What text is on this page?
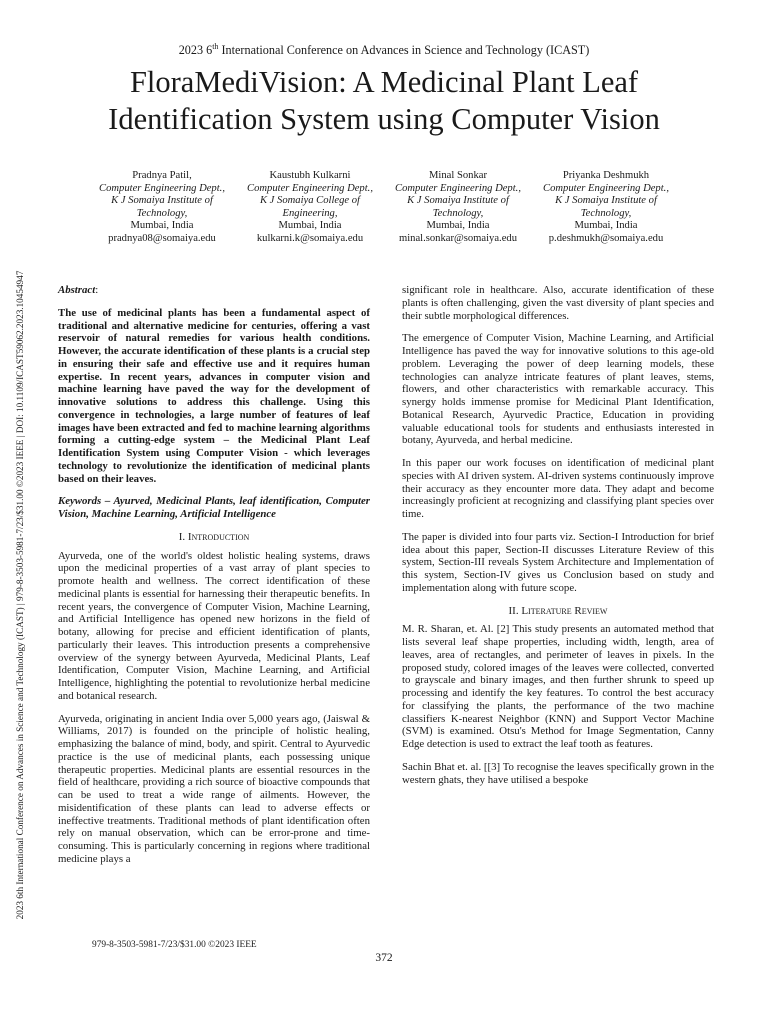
2023 6th International Conference on Advances in Science and Technology (ICAST)
FloraMediVision: A Medicinal Plant Leaf Identification System using Computer Vision
2023 6th International Conference on Advances in Science and Technology (ICAST) | 979-8-3503-5981-7/23/$31.00 ©2023 IEEE | DOI: 10.1109/ICAST59062.2023.10454947
Pradnya Patil,
Computer Engineering Dept.,
K J Somaiya Institute of Technology,
Mumbai, India
pradnya08@somaiya.edu
Kaustubh Kulkarni
Computer Engineering Dept.,
K J Somaiya College of Engineering,
Mumbai, India
kulkarni.k@somaiya.edu
Minal Sonkar
Computer Engineering Dept.,
K J Somaiya Institute of Technology,
Mumbai, India
minal.sonkar@somaiya.edu
Priyanka Deshmukh
Computer Engineering Dept.,
K J Somaiya Institute of Technology,
Mumbai, India
p.deshmukh@somaiya.edu

Abstract:

The use of medicinal plants has been a fundamental aspect of traditional and alternative medicine for centuries, offering a vast reservoir of natural remedies for various health conditions. However, the accurate identification of these plants is a crucial step in ensuring their safe and effective use and it requires human expertise. In recent years, advances in computer vision and machine learning have paved the way for the development of innovative solutions to address this challenge. Using this convergence in technologies, a large number of features of leaf images have been extracted and fed to machine learning algorithms forming a cutting-edge system – the Medicinal Plant Leaf Identification System using Computer Vision - which leverages technology to revolutionize the identification of medicinal plants based on their leaves.

Keywords – Ayurved, Medicinal Plants, leaf identification, Computer Vision, Machine Learning, Artificial Intelligence

I. Introduction

Ayurveda, one of the world's oldest holistic healing systems, draws upon the medicinal properties of a vast array of plant species to promote health and wellness. The correct identification of these medicinal plants is essential for harnessing their therapeutic benefits. In recent years, the convergence of Computer Vision, Machine Learning, and Artificial Intelligence has opened new horizons in the field of botany, allowing for precise and efficient identification of plants, particularly their leaves. This introduction presents a comprehensive overview of the synergy between Ayurveda, Medicinal Plants, Leaf Identification, Computer Vision, Machine Learning, and Artificial Intelligence, highlighting the potential to revolutionize herbal medicine and botanical research.

Ayurveda, originating in ancient India over 5,000 years ago, (Jaiswal & Williams, 2017) is founded on the principle of holistic healing, emphasizing the balance of mind, body, and spirit. Central to Ayurvedic practice is the use of medicinal plants, each possessing unique therapeutic properties. Medicinal plants are essential resources in the field of healthcare, providing a rich source of bioactive compounds that can be used to treat a wide range of ailments. However, the misidentification of these plants can lead to adverse effects or ineffective treatments. Traditional methods of plant identification often rely on manual observation, which can be error-prone and time-consuming. This is particularly concerning in regions where traditional medicine plays a

significant role in healthcare. Also, accurate identification of these plants is often challenging, given the vast diversity of plant species and their subtle morphological differences.

The emergence of Computer Vision, Machine Learning, and Artificial Intelligence has paved the way for innovative solutions to this age-old problem. Leveraging the power of deep learning models, these technologies can analyze intricate features of plant leaves, stems, flowers, and other characteristics with remarkable accuracy. This synergy holds immense promise for Medicinal Plant Identification, Botanical Research, Ayurvedic Practice, Education in providing valuable educational tools for students and enthusiasts interested in botany, Ayurveda, and herbal medicine.

In this paper our work focuses on identification of medicinal plant species with AI driven system. AI-driven systems continuously improve their accuracy as they encounter more data. They adapt and become increasingly proficient at recognizing and classifying plant species over time.

The paper is divided into four parts viz. Section-I Introduction for brief idea about this paper, Section-II discusses Literature Review of this system, Section-III reveals System Architecture and Implementation of this system, Section-IV gives us Conclusion based on study and implementation along with future scope.

II. Literature Review

M. R. Sharan, et. Al. [2] This study presents an automated method that lists several leaf shape properties, including width, length, area of leaves, area of rectangles, and perimeter of leaves in pixels. In the proposed study, colored images of the leaves were collected, converted to grayscale and binary images, and then further shrunk to speed up processing and identify the key features. To control the best accuracy for classifying the plants, the performance of the two machine classifiers K-nearest Neighbor (KNN) and Support Vector Machine (SVM) is examined. Otsu's Method for Image Segmentation, Canny Edge detection is used to extract the leaf tooth as features.

Sachin Bhat et. al. [[3] To recognise the leaves specifically grown in the western ghats, they have utilised a bespoke

979-8-3503-5981-7/23/$31.00 ©2023 IEEE
372
